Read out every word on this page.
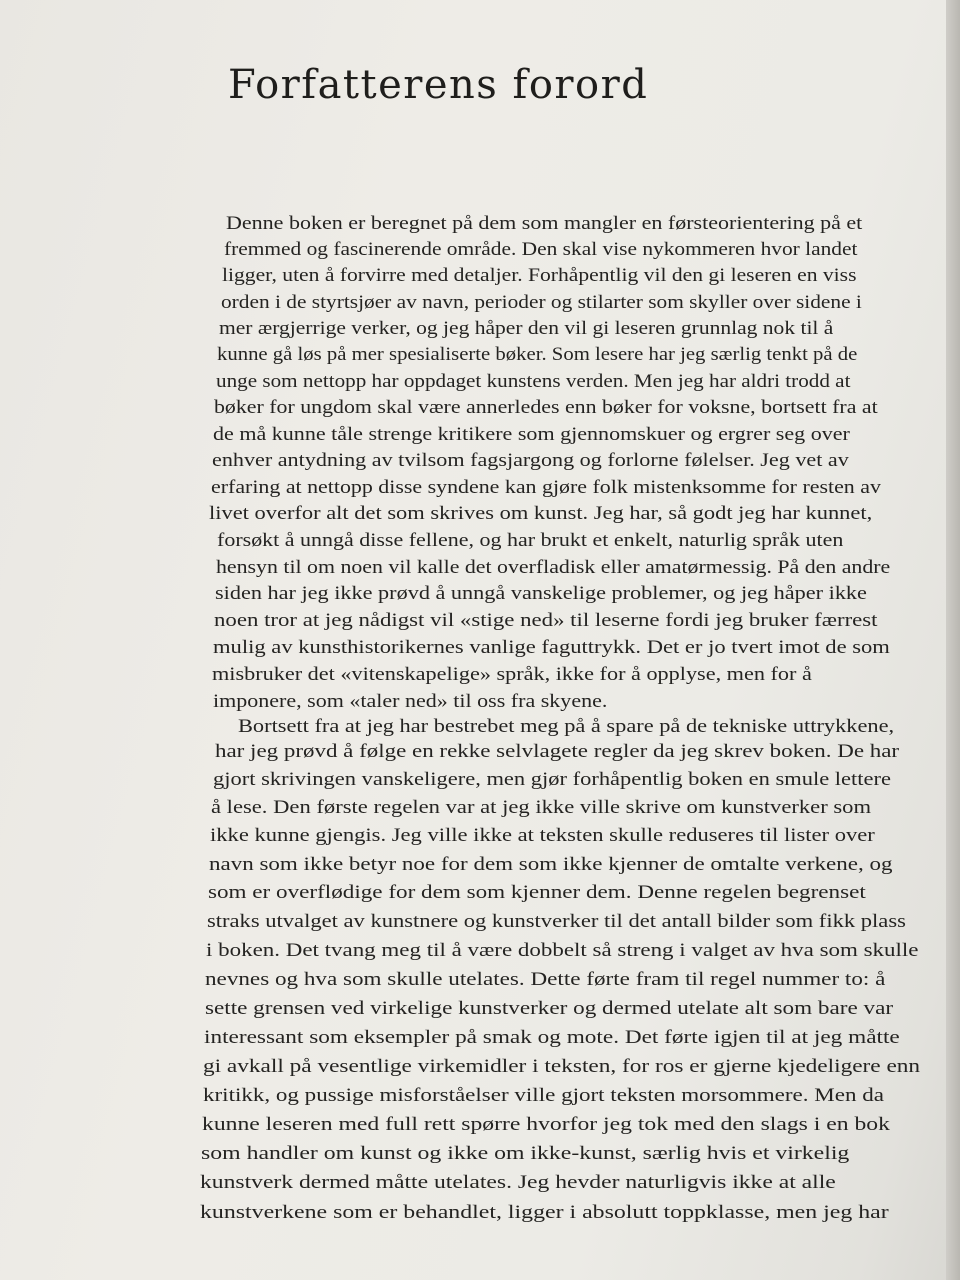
Forfatterens forord
Denne boken er beregnet på dem som mangler en førsteorientering på et
fremmed og fascinerende område. Den skal vise nykommeren hvor landet
ligger, uten å forvirre med detaljer. Forhåpentlig vil den gi leseren en viss
orden i de styrtsjøer av navn, perioder og stilarter som skyller over sidene i
mer ærgjerrige verker, og jeg håper den vil gi leseren grunnlag nok til å
kunne gå løs på mer spesialiserte bøker. Som lesere har jeg særlig tenkt på de
unge som nettopp har oppdaget kunstens verden. Men jeg har aldri trodd at
bøker for ungdom skal være annerledes enn bøker for voksne, bortsett fra at
de må kunne tåle strenge kritikere som gjennomskuer og ergrer seg over
enhver antydning av tvilsom fagsjargong og forlorne følelser. Jeg vet av
erfaring at nettopp disse syndene kan gjøre folk mistenksomme for resten av
livet overfor alt det som skrives om kunst. Jeg har, så godt jeg har kunnet,
forsøkt å unngå disse fellene, og har brukt et enkelt, naturlig språk uten
hensyn til om noen vil kalle det overfladisk eller amatørmessig. På den andre
siden har jeg ikke prøvd å unngå vanskelige problemer, og jeg håper ikke
noen tror at jeg nådigst vil «stige ned» til leserne fordi jeg bruker færrest
mulig av kunsthistorikernes vanlige faguttrykk. Det er jo tvert imot de som
misbruker det «vitenskapelige» språk, ikke for å opplyse, men for å
imponere, som «taler ned» til oss fra skyene.
Bortsett fra at jeg har bestrebet meg på å spare på de tekniske uttrykkene,
har jeg prøvd å følge en rekke selvlagete regler da jeg skrev boken. De har
gjort skrivingen vanskeligere, men gjør forhåpentlig boken en smule lettere
å lese. Den første regelen var at jeg ikke ville skrive om kunstverker som
ikke kunne gjengis. Jeg ville ikke at teksten skulle reduseres til lister over
navn som ikke betyr noe for dem som ikke kjenner de omtalte verkene, og
som er overflødige for dem som kjenner dem. Denne regelen begrenset
straks utvalget av kunstnere og kunstverker til det antall bilder som fikk plass
i boken. Det tvang meg til å være dobbelt så streng i valget av hva som skulle
nevnes og hva som skulle utelates. Dette førte fram til regel nummer to: å
sette grensen ved virkelige kunstverker og dermed utelate alt som bare var
interessant som eksempler på smak og mote. Det førte igjen til at jeg måtte
gi avkall på vesentlige virkemidler i teksten, for ros er gjerne kjedeligere enn
kritikk, og pussige misforståelser ville gjort teksten morsommere. Men da
kunne leseren med full rett spørre hvorfor jeg tok med den slags i en bok
som handler om kunst og ikke om ikke-kunst, særlig hvis et virkelig
kunstverk dermed måtte utelates. Jeg hevder naturligvis ikke at alle
kunstverkene som er behandlet, ligger i absolutt toppklasse, men jeg har
